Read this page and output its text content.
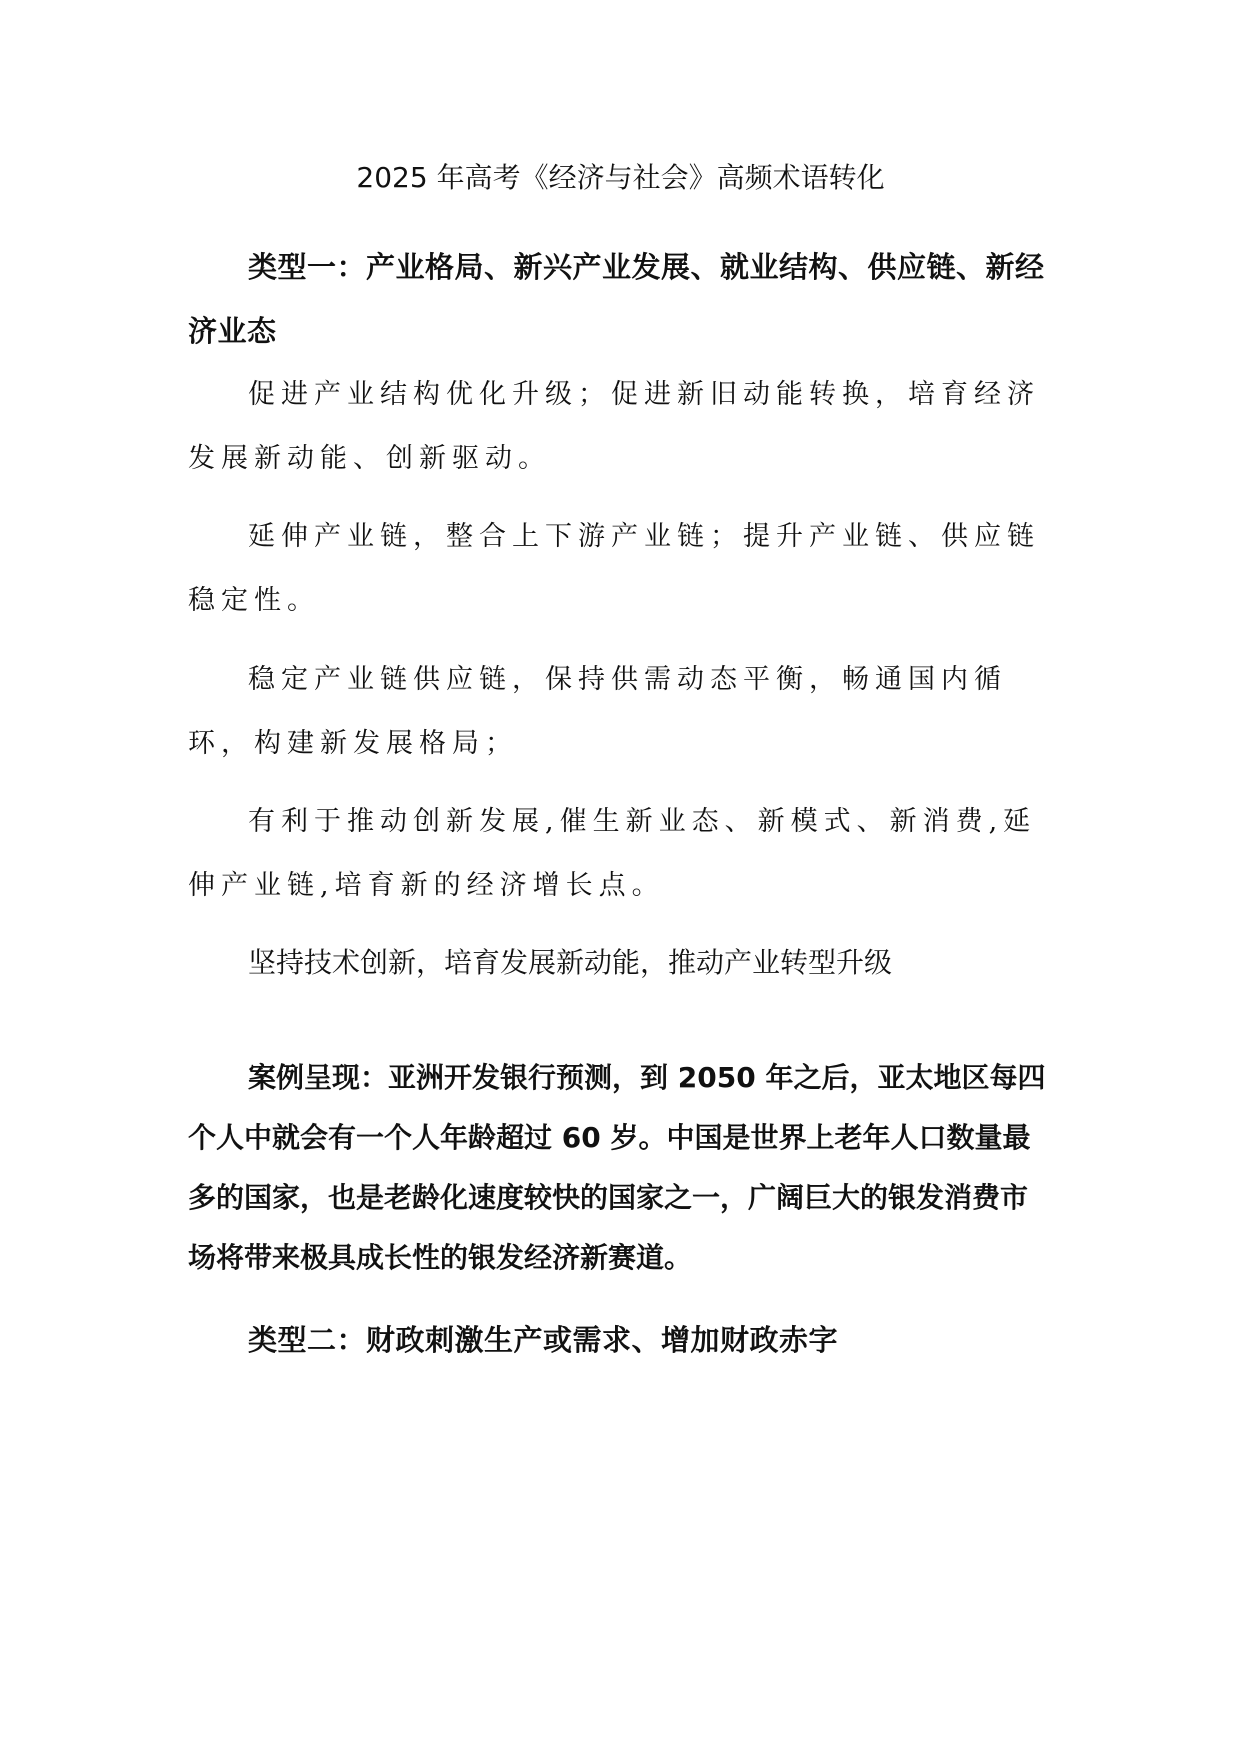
2025 年高考《经济与社会》高频术语转化

类型一：产业格局、新兴产业发展、就业结构、供应链、新经济业态

促进产业结构优化升级；促进新旧动能转换，培育经济发展新动能、创新驱动。

延伸产业链，整合上下游产业链；提升产业链、供应链稳定性。

稳定产业链供应链，保持供需动态平衡，畅通国内循环，构建新发展格局；

有利于推动创新发展,催生新业态、新模式、新消费,延伸产业链,培育新的经济增长点。

坚持技术创新，培育发展新动能，推动产业转型升级

案例呈现：亚洲开发银行预测，到 2050 年之后，亚太地区每四个人中就会有一个人年龄超过 60 岁。中国是世界上老年人口数量最多的国家，也是老龄化速度较快的国家之一，广阔巨大的银发消费市场将带来极具成长性的银发经济新赛道。

类型二：财政刺激生产或需求、增加财政赤字
